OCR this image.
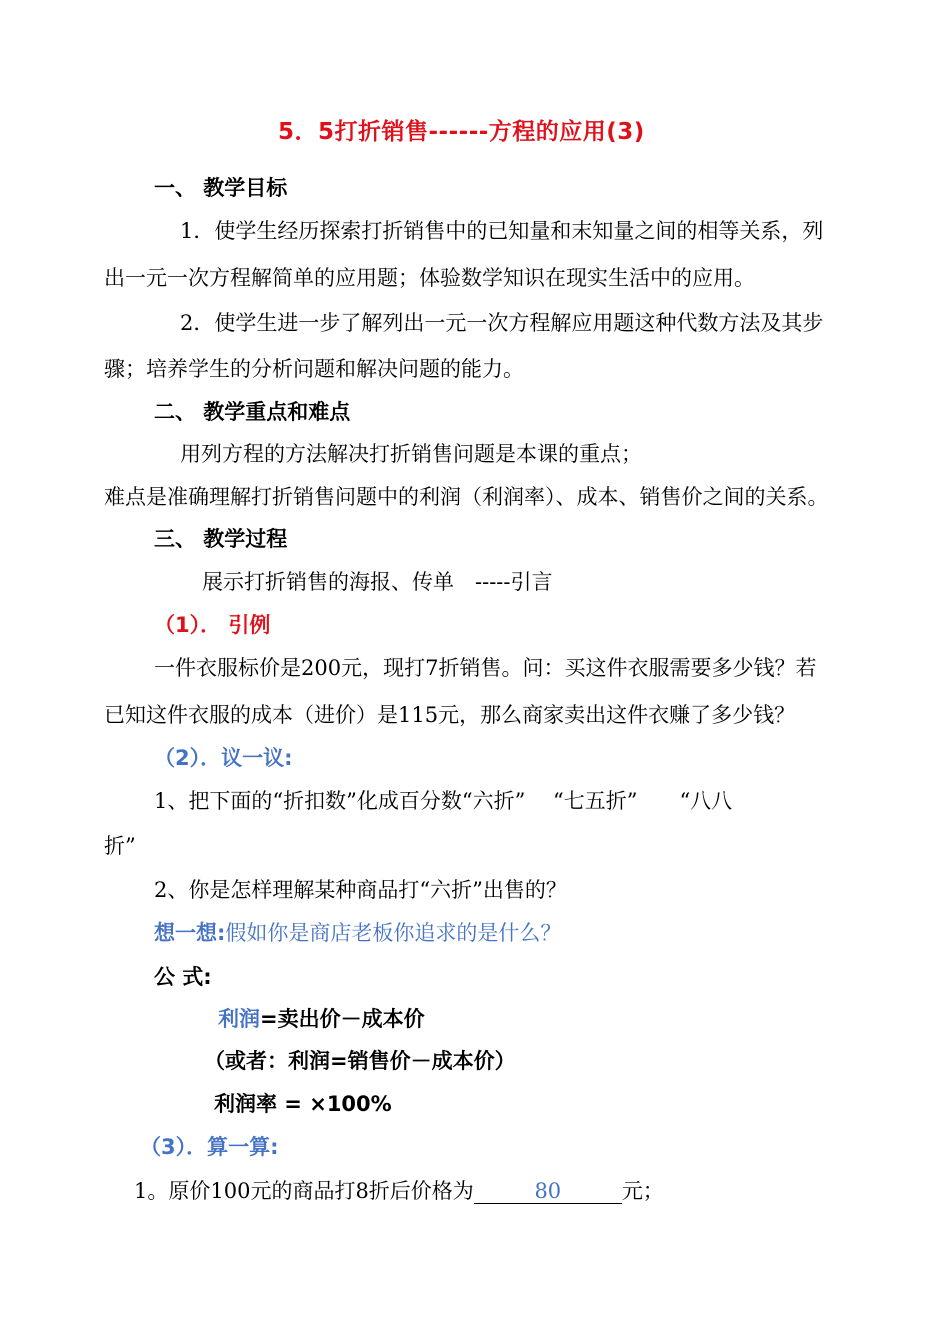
5．5打折销售------方程的应用(3)
一、 教学目标
1．使学生经历探索打折销售中的已知量和末知量之间的相等关系，列
出一元一次方程解简单的应用题；体验数学知识在现实生活中的应用。
2．使学生进一步了解列出一元一次方程解应用题这种代数方法及其步
骤；培养学生的分析问题和解决问题的能力。
二、 教学重点和难点
用列方程的方法解决打折销售问题是本课的重点；
难点是准确理解打折销售问题中的利润（利润率）、成本、销售价之间的关系。
三、 教学过程
展示打折销售的海报、传单　-----引言
（1）． 引例
一件衣服标价是200元，现打7折销售。问：买这件衣服需要多少钱？若
已知这件衣服的成本（进价）是115元，那么商家卖出这件衣赚了多少钱？
（2）．议一议:
1、把下面的“折扣数”化成百分数“六折”　 “七五折”　　“八八
折”
2、你是怎样理解某种商品打“六折”出售的？
想一想:假如你是商店老板你追求的是什么？
公 式:
利润=卖出价－成本价
（或者：利润=销售价－成本价）
利润率 = ×100%
（3）．算一算:
1。原价100元的商品打8折后价格为	80	元；
